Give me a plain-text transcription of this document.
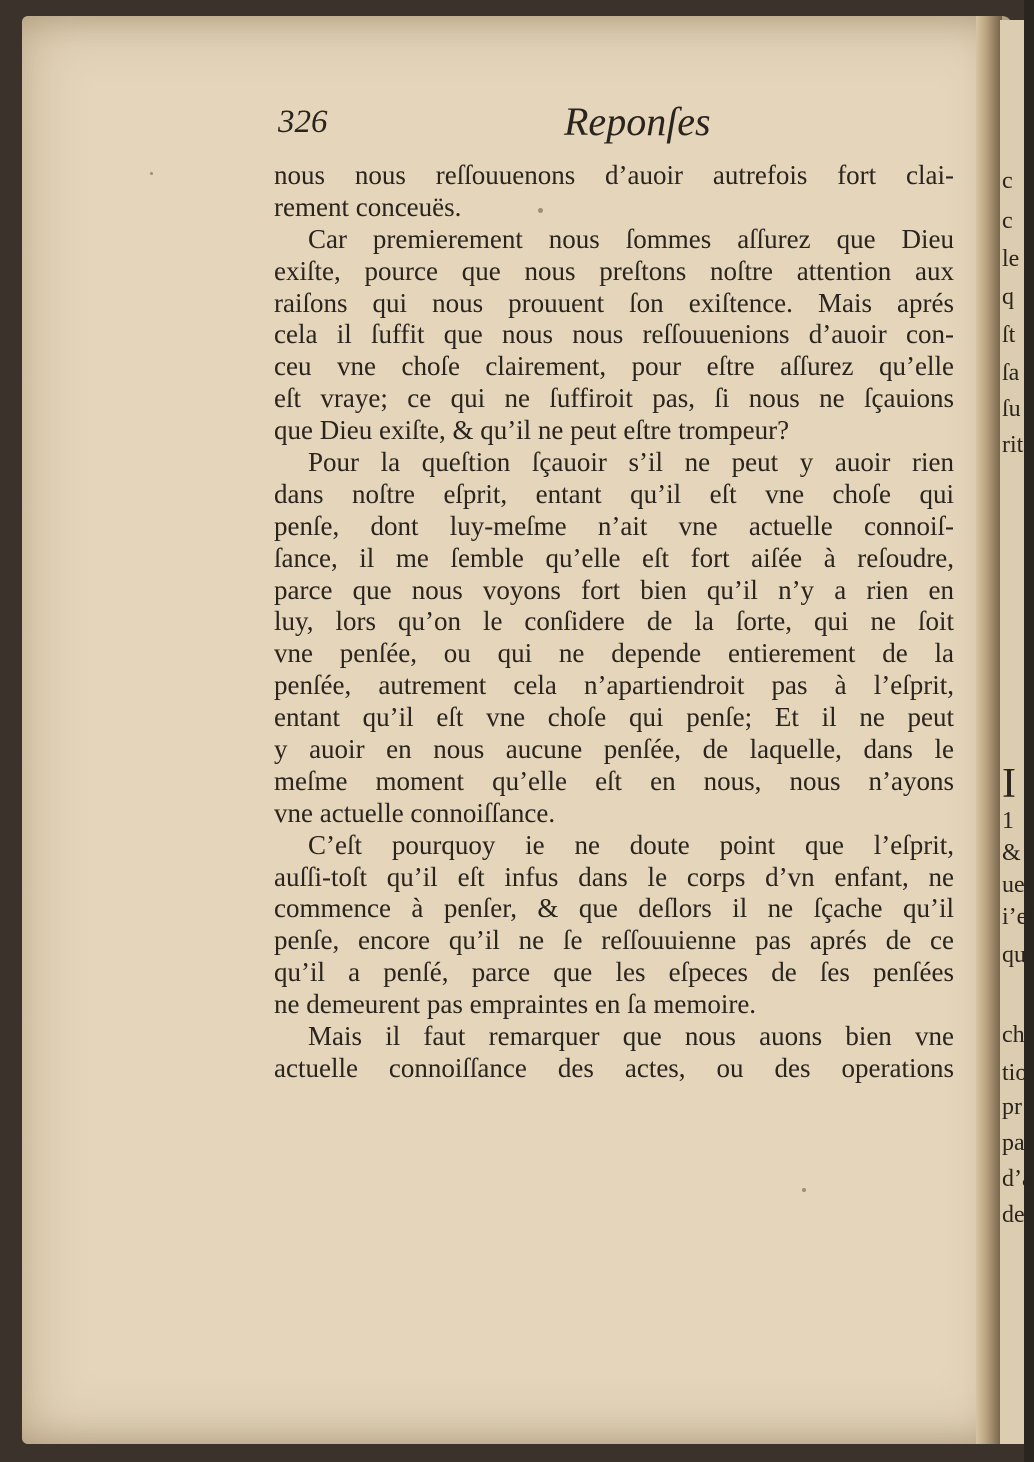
c
c
le
q
ſt
ſa
ſu
rit
I
1
&
uel
i’eſ
qu
ch
tio
pr
pa
d’a
de
326	Reponſes
nous nous reſſouuenons d’auoir autrefois fort clai-
rement conceuës.
Car premierement nous ſommes aſſurez que Dieu
exiſte, pource que nous preſtons noſtre attention aux
raiſons qui nous prouuent ſon exiſtence. Mais aprés
cela il ſuffit que nous nous reſſouuenions d’auoir con-
ceu vne choſe clairement, pour eſtre aſſurez qu’elle
eſt vraye; ce qui ne ſuffiroit pas, ſi nous ne ſçauions
que Dieu exiſte, & qu’il ne peut eſtre trompeur?
Pour la queſtion ſçauoir s’il ne peut y auoir rien
dans noſtre eſprit, entant qu’il eſt vne choſe qui
penſe, dont luy-meſme n’ait vne actuelle connoiſ-
ſance, il me ſemble qu’elle eſt fort aiſée à reſoudre,
parce que nous voyons fort bien qu’il n’y a rien en
luy, lors qu’on le conſidere de la ſorte, qui ne ſoit
vne penſée, ou qui ne depende entierement de la
penſée, autrement cela n’apartiendroit pas à l’eſprit,
entant qu’il eſt vne choſe qui penſe; Et il ne peut
y auoir en nous aucune penſée, de laquelle, dans le
meſme moment qu’elle eſt en nous, nous n’ayons
vne actuelle connoiſſance.
C’eſt pourquoy ie ne doute point que l’eſprit,
auſſi-toſt qu’il eſt infus dans le corps d’vn enfant, ne
commence à penſer, & que deſlors il ne ſçache qu’il
penſe, encore qu’il ne ſe reſſouuienne pas aprés de ce
qu’il a penſé, parce que les eſpeces de ſes penſées
ne demeurent pas empraintes en ſa memoire.
Mais il faut remarquer que nous auons bien vne
actuelle connoiſſance des actes, ou des operations
